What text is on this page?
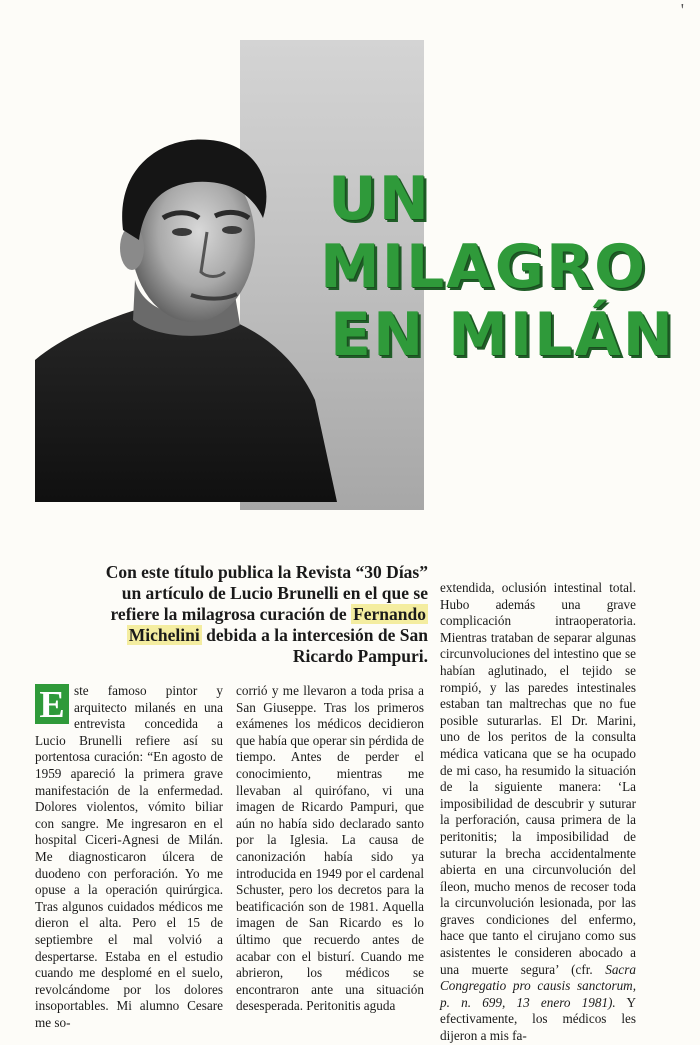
'
UN
MILAGRO
EN MILÁN
Con este título publica la Revista “30 Días” un artículo de Lucio Brunelli en el que se refiere la milagrosa curación de Fernando Michelini debida a la intercesión de San Ricardo Pampuri.
E ste famoso pintor y arquitecto milanés en una entrevista concedida a Lucio Brunelli refiere así su portentosa curación: “En agosto de 1959 apareció la primera grave manifestación de la enfermedad. Dolores violentos, vómito biliar con sangre. Me ingresaron en el hospital Ciceri-Agnesi de Milán. Me diagnosticaron úlcera de duodeno con perforación. Yo me opuse a la operación quirúrgica. Tras algunos cuidados médicos me dieron el alta. Pero el 15 de septiembre el mal volvió a despertarse. Estaba en el estudio cuando me desplomé en el suelo, revolcándome por los dolores insoportables. Mi alumno Cesare me so-
corrió y me llevaron a toda prisa a San Giuseppe. Tras los primeros exámenes los médicos decidieron que había que operar sin pérdida de tiempo. Antes de perder el conocimiento, mientras me llevaban al quirófano, vi una imagen de Ricardo Pampuri, que aún no había sido declarado santo por la Iglesia. La causa de canonización había sido ya introducida en 1949 por el cardenal Schuster, pero los decretos para la beatificación son de 1981. Aquella imagen de San Ricardo es lo último que recuerdo antes de acabar con el bisturí. Cuando me abrieron, los médicos se encontraron ante una situación desesperada. Peritonitis aguda
extendida, oclusión intestinal total. Hubo además una grave complicación intraoperatoria. Mientras trataban de separar algunas circunvoluciones del intestino que se habían aglutinado, el tejido se rompió, y las paredes intestinales estaban tan maltrechas que no fue posible suturarlas. El Dr. Marini, uno de los peritos de la consulta médica vaticana que se ha ocupado de mi caso, ha resumido la situación de la siguiente manera: ‘La imposibilidad de descubrir y suturar la perforación, causa primera de la peritonitis; la imposibilidad de suturar la brecha accidentalmente abierta en una circunvolución del íleon, mucho menos de recoser toda la circunvolución lesionada, por las graves condiciones del enfermo, hace que tanto el cirujano como sus asistentes le consideren abocado a una muerte segura’ (cfr. Sacra Congregatio pro causis sanctorum, p. n. 699, 13 enero 1981). Y efectivamente, los médicos les dijeron a mis fa-
